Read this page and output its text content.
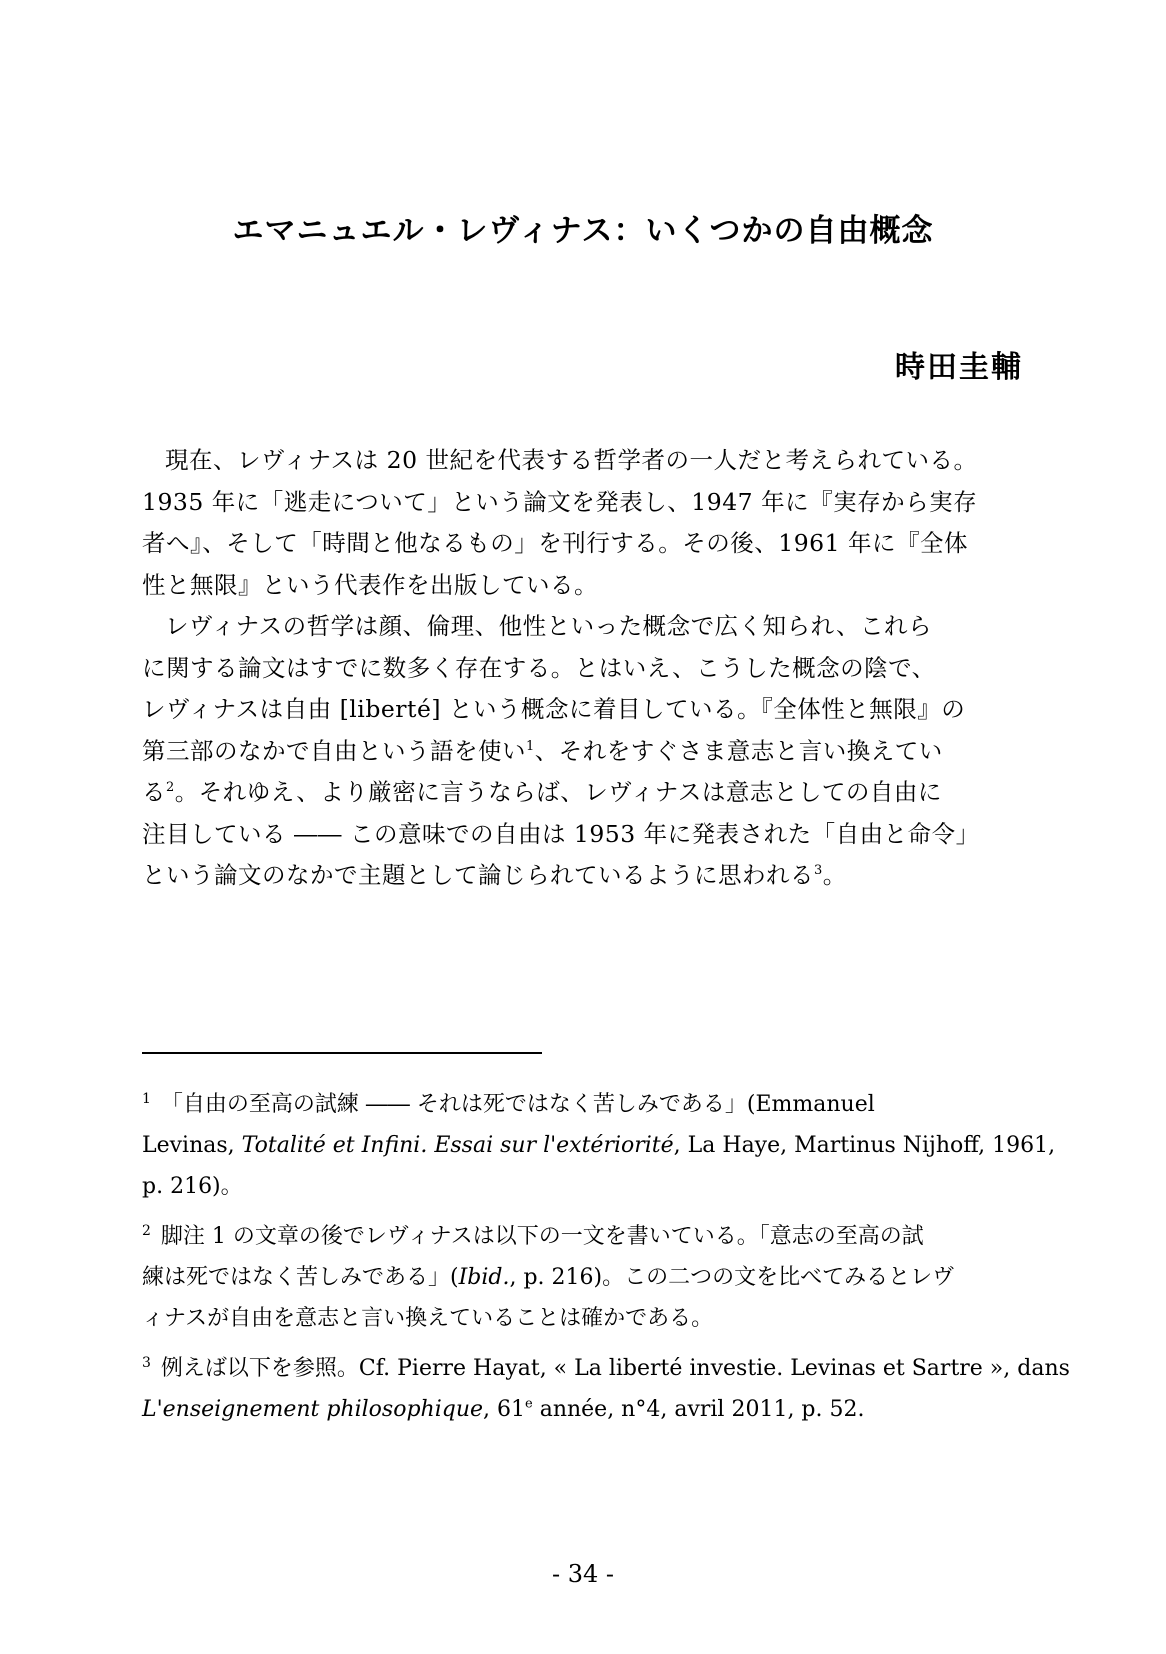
エマニュエル・レヴィナス：いくつかの自由概念
時田圭輔

現在、レヴィナスは 20 世紀を代表する哲学者の一人だと考えられている。
1935 年に「逃走について」という論文を発表し、1947 年に『実存から実存
者へ』、そして「時間と他なるもの」を刊行する。その後、1961 年に『全体
性と無限』という代表作を出版している。

レヴィナスの哲学は顔、倫理、他性といった概念で広く知られ、これら
に関する論文はすでに数多く存在する。とはいえ、こうした概念の陰で、
レヴィナスは自由 [liberté] という概念に着目している。『全体性と無限』の
第三部のなかで自由という語を使い$^1$、それをすぐさま意志と言い換えてい
る$^2$。それゆえ、より厳密に言うならば、レヴィナスは意志としての自由に
注目している ―― この意味での自由は 1953 年に発表された「自由と命令」
という論文のなかで主題として論じられているように思われる$^3$。

$^1$ 「自由の至高の試練 ―― それは死ではなく苦しみである」(Emmanuel
Levinas, Totalité et Infini. Essai sur l'extériorité, La Haye, Martinus Nijhoff, 1961,
p. 216)。
$^2$ 脚注 1 の文章の後でレヴィナスは以下の一文を書いている。「意志の至高の試
練は死ではなく苦しみである」(Ibid., p. 216)。この二つの文を比べてみるとレヴ
ィナスが自由を意志と言い換えていることは確かである。
$^3$ 例えば以下を参照。Cf. Pierre Hayat, « La liberté investie. Levinas et Sartre », dans
L'enseignement philosophique, 61e année, n°4, avril 2011, p. 52.
- 34 -
